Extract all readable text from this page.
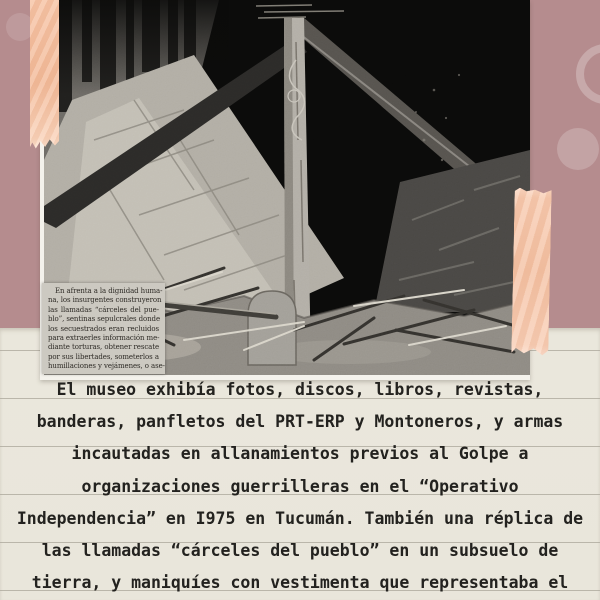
En afrenta a la dignidad huma-
na, los insurgentes construyeron
las llamadas “cárceles del pue-
blo”, sentinas sepulcrales donde
los secuestrados eran recluidos
para extraerles información me-
diante torturas, obtener rescate
por sus libertades, someterlos a
humillaciones y vejámenes, o ase-
El museo exhibía fotos, discos, libros, revistas,
banderas, panfletos del PRT-ERP y Montoneros, y armas
incautadas en allanamientos previos al Golpe a
organizaciones guerrilleras en el “Operativo
Independencia” en I975 en Tucumán. También una réplica de
las llamadas “cárceles del pueblo” en un subsuelo de
tierra, y maniquíes con vestimenta que representaba el
